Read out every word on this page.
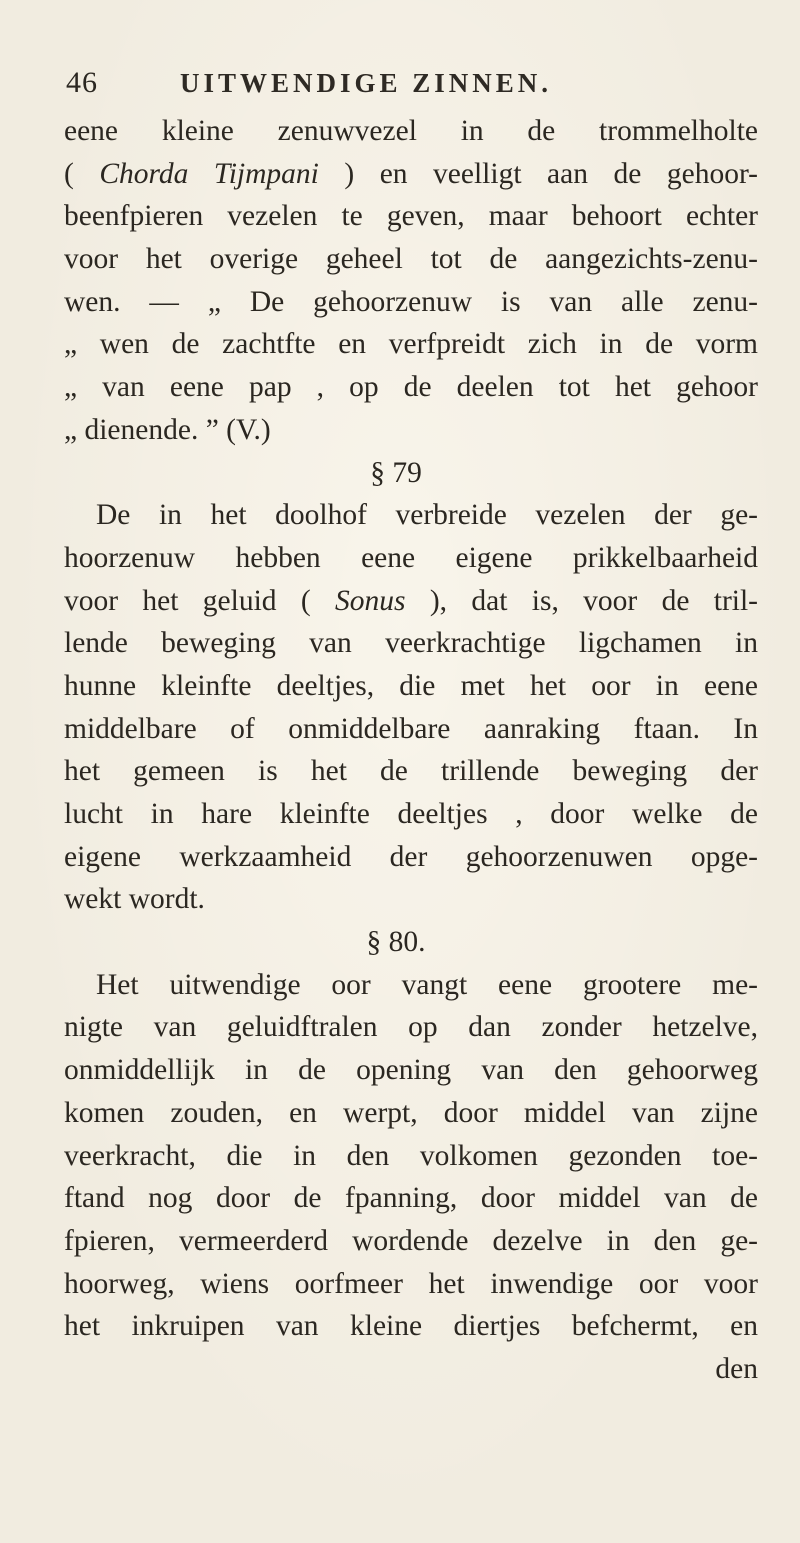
46	UITWENDIGE ZINNEN.
eene kleine zenuwvezel in de trommelholte
( Chorda Tijmpani ) en veelligt aan de gehoor-
beenfpieren vezelen te geven, maar behoort echter
voor het overige geheel tot de aangezichts-zenu-
wen. — „ De gehoorzenuw is van alle zenu-
„ wen de zachtfte en verfpreidt zich in de vorm
„ van eene pap , op de deelen tot het gehoor
„ dienende. ” (V.)
§ 79
De in het doolhof verbreide vezelen der ge-
hoorzenuw hebben eene eigene prikkelbaarheid
voor het geluid ( Sonus ), dat is, voor de tril-
lende beweging van veerkrachtige ligchamen in
hunne kleinfte deeltjes, die met het oor in eene
middelbare of onmiddelbare aanraking ftaan. In
het gemeen is het de trillende beweging der
lucht in hare kleinfte deeltjes , door welke de
eigene werkzaamheid der gehoorzenuwen opge-
wekt wordt.
§ 80.
Het uitwendige oor vangt eene grootere me-
nigte van geluidftralen op dan zonder hetzelve,
onmiddellijk in de opening van den gehoorweg
komen zouden, en werpt, door middel van zijne
veerkracht, die in den volkomen gezonden toe-
ftand nog door de fpanning, door middel van de
fpieren, vermeerderd wordende dezelve in den ge-
hoorweg, wiens oorfmeer het inwendige oor voor
het inkruipen van kleine diertjes befchermt, en
den
